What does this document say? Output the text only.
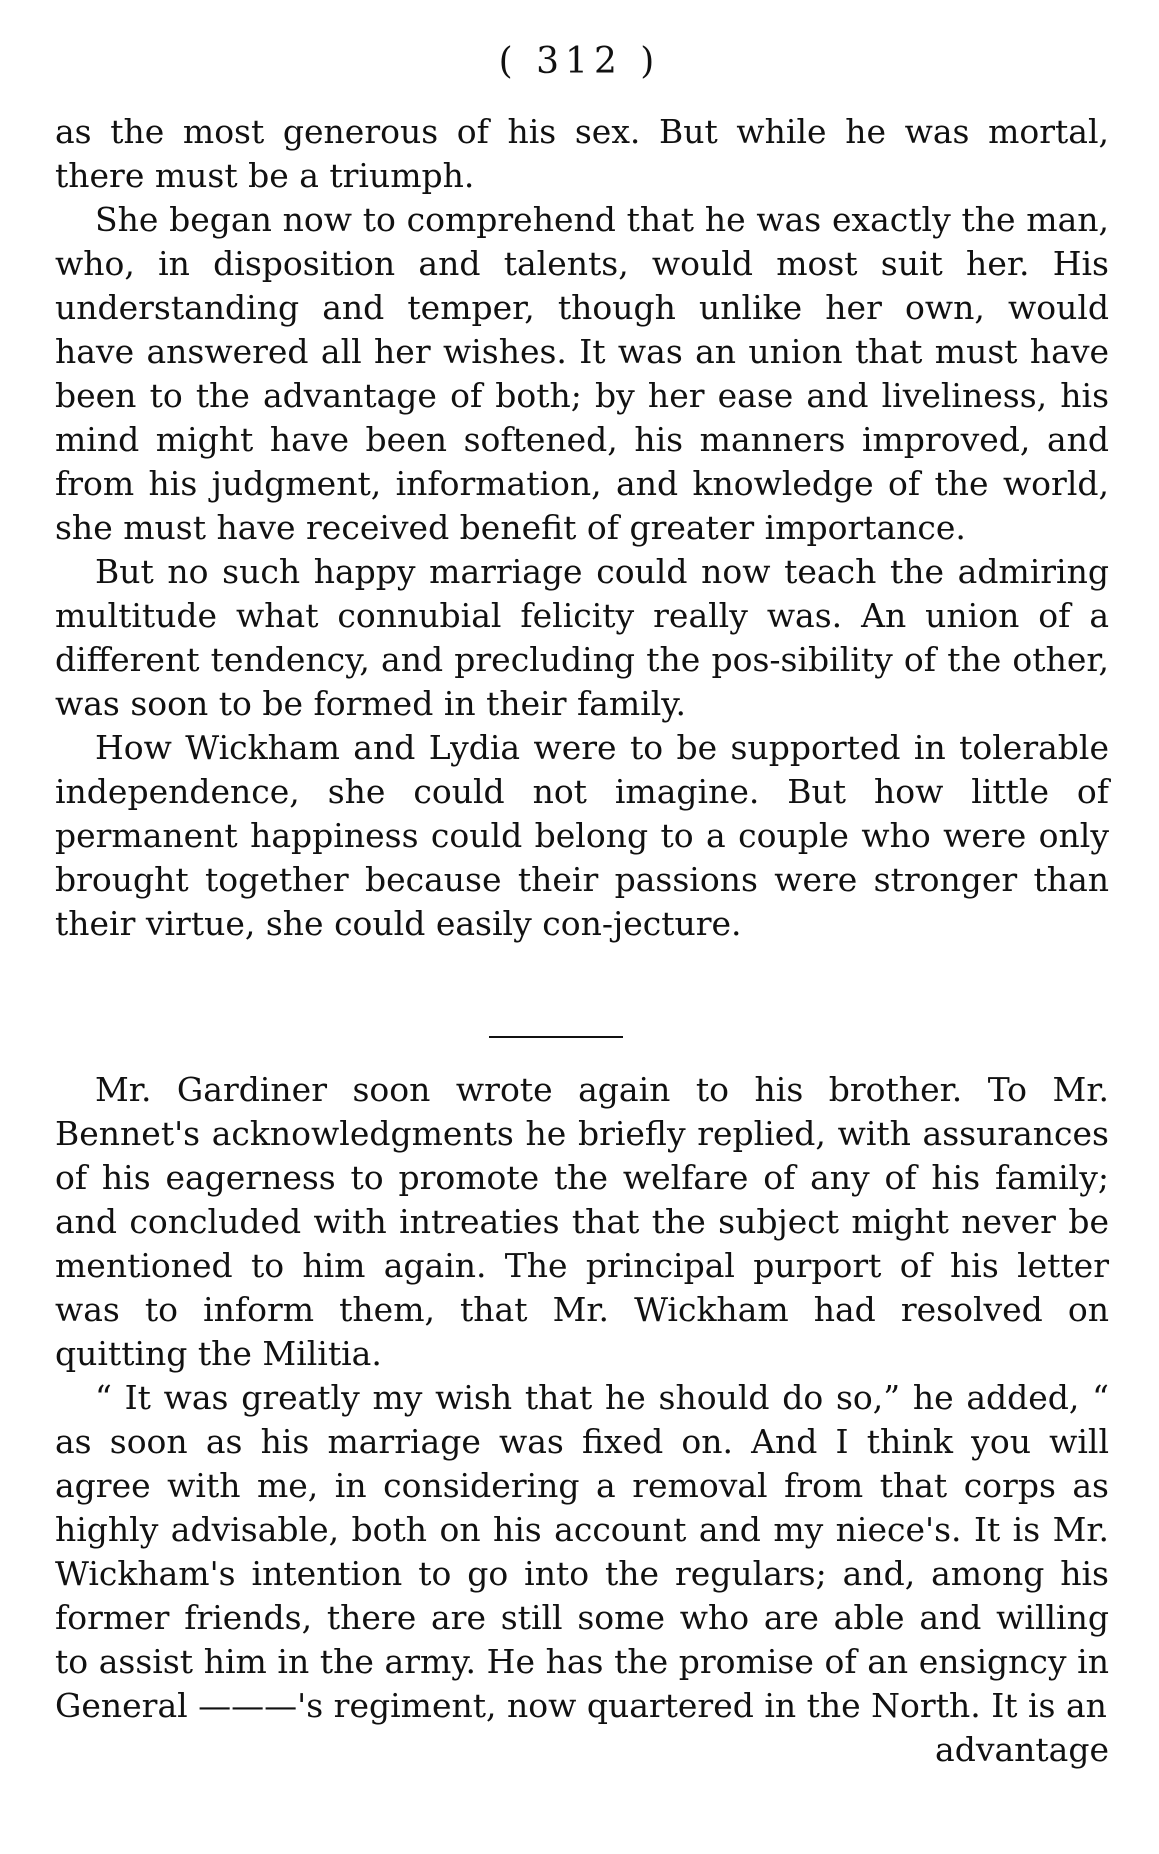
( 312 )

as the most generous of his sex. But while he was mortal, there must be a triumph.

She began now to comprehend that he was exactly the man, who, in disposition and talents, would most suit her. His understanding and temper, though unlike her own, would have answered all her wishes. It was an union that must have been to the advantage of both; by her ease and liveliness, his mind might have been softened, his manners improved, and from his judgment, information, and knowledge of the world, she must have received benefit of greater importance.

But no such happy marriage could now teach the admiring multitude what connubial felicity really was. An union of a different tendency, and precluding the pos-sibility of the other, was soon to be formed in their family.

How Wickham and Lydia were to be supported in tolerable independence, she could not imagine. But how little of permanent happiness could belong to a couple who were only brought together because their passions were stronger than their virtue, she could easily con-jecture.

Mr. Gardiner soon wrote again to his brother. To Mr. Bennet's acknowledgments he briefly replied, with assurances of his eagerness to promote the welfare of any of his family; and concluded with intreaties that the subject might never be mentioned to him again. The principal purport of his letter was to inform them, that Mr. Wickham had resolved on quitting the Militia.

“ It was greatly my wish that he should do so,” he added, “ as soon as his marriage was fixed on. And I think you will agree with me, in considering a removal from that corps as highly advisable, both on his account and my niece's. It is Mr. Wickham's intention to go into the regulars; and, among his former friends, there are still some who are able and willing to assist him in the army. He has the promise of an ensigncy in General ———'s regiment, now quartered in the North. It is an

advantage
